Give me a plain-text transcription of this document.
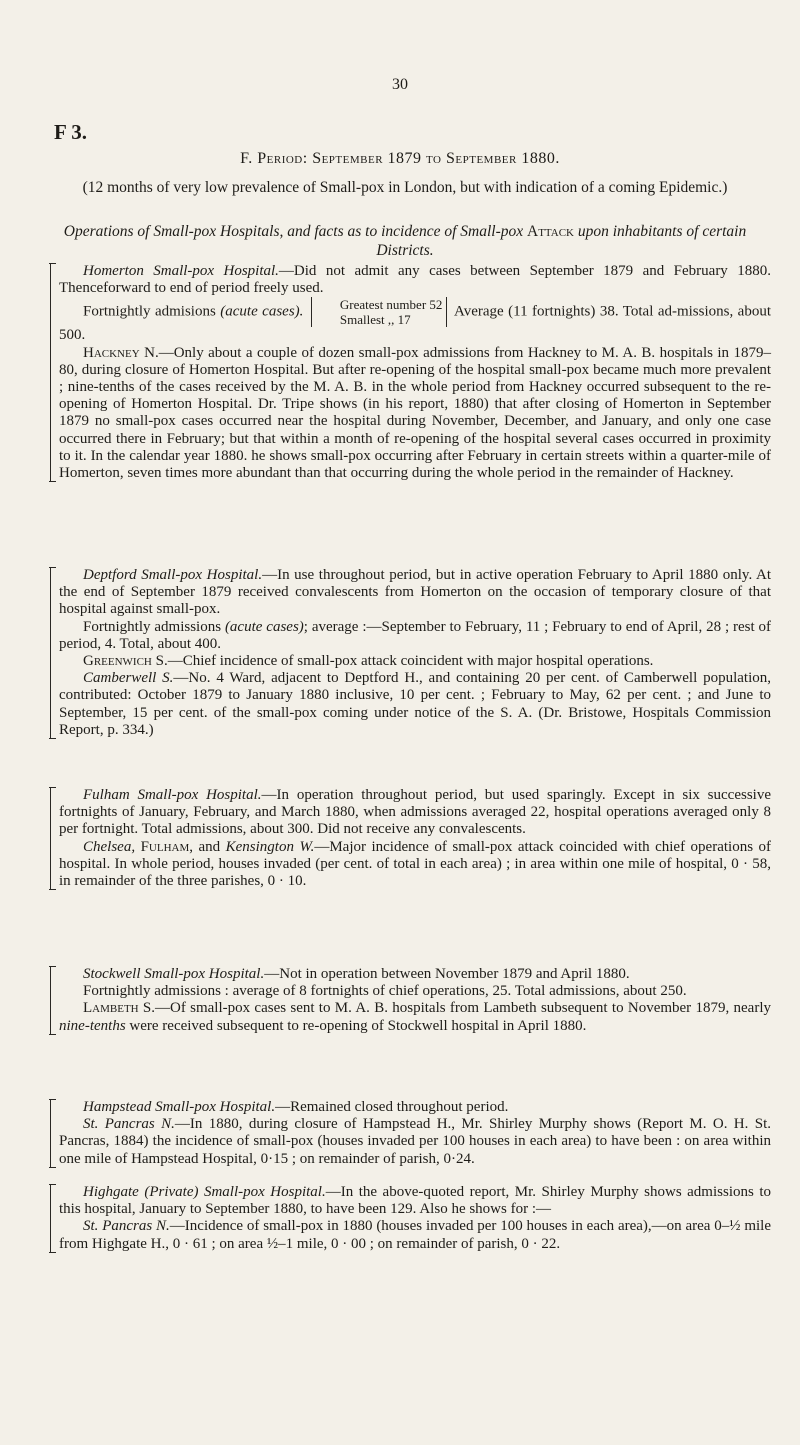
30
F 3.
F. Period: September 1879 to September 1880.
(12 months of very low prevalence of Small-pox in London, but with indication of a coming Epidemic.)
Operations of Small-pox Hospitals, and facts as to incidence of Small-pox Attack upon inhabitants of certain Districts.

Homerton Small-pox Hospital.—Did not admit any cases between September 1879 and February 1880. Thenceforward to end of period freely used.

Fortnightly admisions (acute cases).	Greatest number 52
Smallest ,, 17
Average (11 fortnights) 38. Total ad-missions, about 500.

Hackney N.—Only about a couple of dozen small-pox admissions from Hackney to M. A. B. hospitals in 1879–80, during closure of Homerton Hospital. But after re-opening of the hospital small-pox became much more prevalent ; nine-tenths of the cases received by the M. A. B. in the whole period from Hackney occurred subsequent to the re-opening of Homerton Hospital. Dr. Tripe shows (in his report, 1880) that after closing of Homerton in September 1879 no small-pox cases occurred near the hospital during November, December, and January, and only one case occurred there in February; but that within a month of re-opening of the hospital several cases occurred in proximity to it. In the calendar year 1880. he shows small-pox occurring after February in certain streets within a quarter-mile of Homerton, seven times more abundant than that occurring during the whole period in the remainder of Hackney.

Deptford Small-pox Hospital.—In use throughout period, but in active operation February to April 1880 only. At the end of September 1879 received convalescents from Homerton on the occasion of temporary closure of that hospital against small-pox.

Fortnightly admissions (acute cases); average :—September to February, 11 ; February to end of April, 28 ; rest of period, 4. Total, about 400.

Greenwich S.—Chief incidence of small-pox attack coincident with major hospital operations.

Camberwell S.—No. 4 Ward, adjacent to Deptford H., and containing 20 per cent. of Camberwell population, contributed: October 1879 to January 1880 inclusive, 10 per cent. ; February to May, 62 per cent. ; and June to September, 15 per cent. of the small-pox coming under notice of the S. A. (Dr. Bristowe, Hospitals Commission Report, p. 334.)

Fulham Small-pox Hospital.—In operation throughout period, but used sparingly. Except in six successive fortnights of January, February, and March 1880, when admissions averaged 22, hospital operations averaged only 8 per fortnight. Total admissions, about 300. Did not receive any convalescents.

Chelsea, Fulham, and Kensington W.—Major incidence of small-pox attack coincided with chief operations of hospital. In whole period, houses invaded (per cent. of total in each area) ; in area within one mile of hospital, 0 · 58, in remainder of the three parishes, 0 · 10.

Stockwell Small-pox Hospital.—Not in operation between November 1879 and April 1880.

Fortnightly admissions : average of 8 fortnights of chief operations, 25. Total admissions, about 250.

Lambeth S.—Of small-pox cases sent to M. A. B. hospitals from Lambeth subsequent to November 1879, nearly nine-tenths were received subsequent to re-opening of Stockwell hospital in April 1880.

Hampstead Small-pox Hospital.—Remained closed throughout period.

St. Pancras N.—In 1880, during closure of Hampstead H., Mr. Shirley Murphy shows (Report M. O. H. St. Pancras, 1884) the incidence of small-pox (houses invaded per 100 houses in each area) to have been : on area within one mile of Hampstead Hospital, 0·15 ; on remainder of parish, 0·24.

Highgate (Private) Small-pox Hospital.—In the above-quoted report, Mr. Shirley Murphy shows admissions to this hospital, January to September 1880, to have been 129. Also he shows for :—

St. Pancras N.—Incidence of small-pox in 1880 (houses invaded per 100 houses in each area),—on area 0–½ mile from Highgate H., 0 · 61 ; on area ½–1 mile, 0 · 00 ; on remainder of parish, 0 · 22.
